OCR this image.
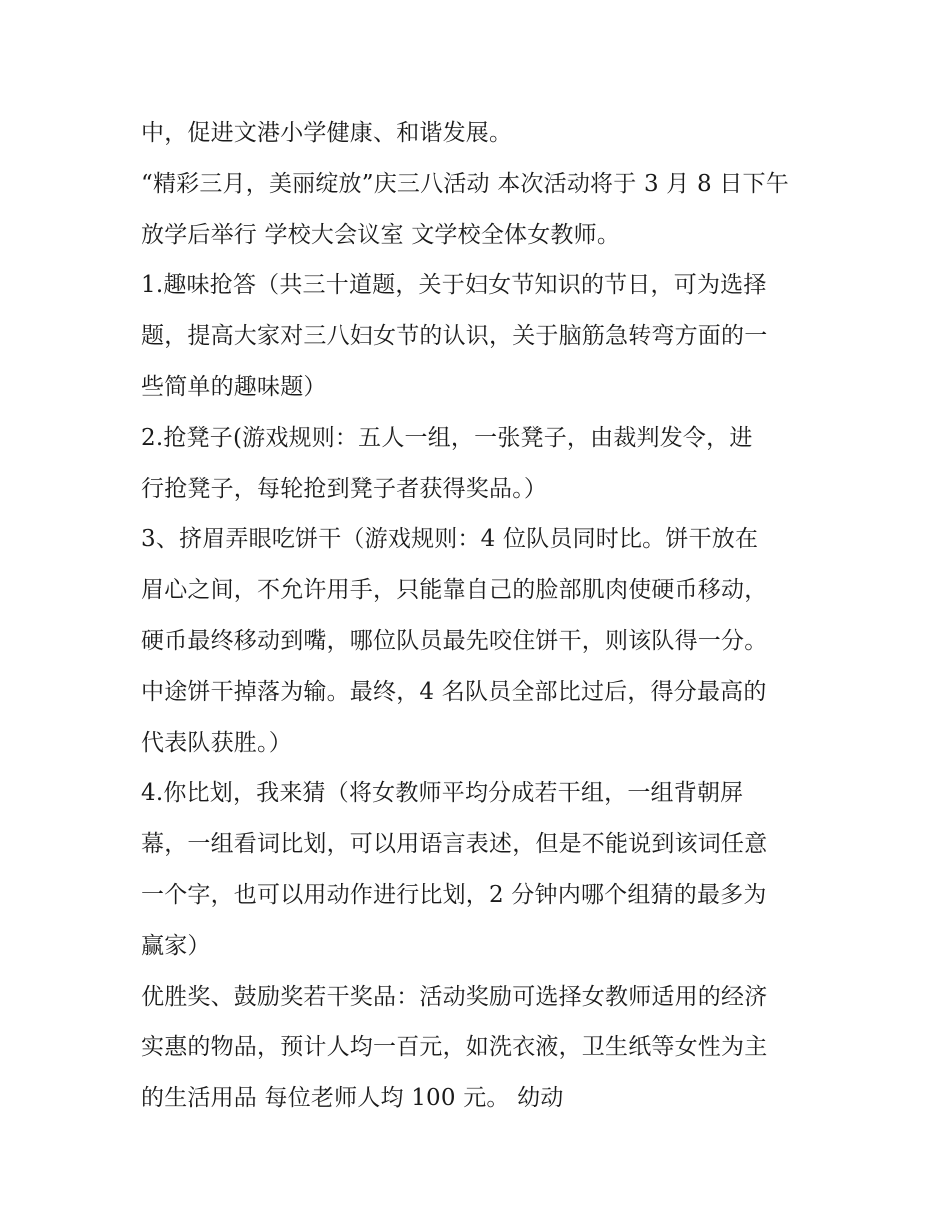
中，促进文港小学健康、和谐发展。
“精彩三月，美丽绽放”庆三八活动 本次活动将于 3 月 8 日下午
放学后举行 学校大会议室 文学校全体女教师。
1.趣味抢答（共三十道题，关于妇女节知识的节日，可为选择
题，提高大家对三八妇女节的认识，关于脑筋急转弯方面的一
些简单的趣味题）
2.抢凳子(游戏规则：五人一组，一张凳子，由裁判发令，进
行抢凳子，每轮抢到凳子者获得奖品。）
3、挤眉弄眼吃饼干（游戏规则：4 位队员同时比。饼干放在
眉心之间，不允许用手，只能靠自己的脸部肌肉使硬币移动，
硬币最终移动到嘴，哪位队员最先咬住饼干，则该队得一分。
中途饼干掉落为输。最终，4 名队员全部比过后，得分最高的
代表队获胜。）
4.你比划，我来猜（将女教师平均分成若干组，一组背朝屏
幕，一组看词比划，可以用语言表述，但是不能说到该词任意
一个字，也可以用动作进行比划，2 分钟内哪个组猜的最多为
赢家）
优胜奖、鼓励奖若干奖品：活动奖励可选择女教师适用的经济
实惠的物品，预计人均一百元，如洗衣液，卫生纸等女性为主
的生活用品 每位老师人均 100 元。 幼动
